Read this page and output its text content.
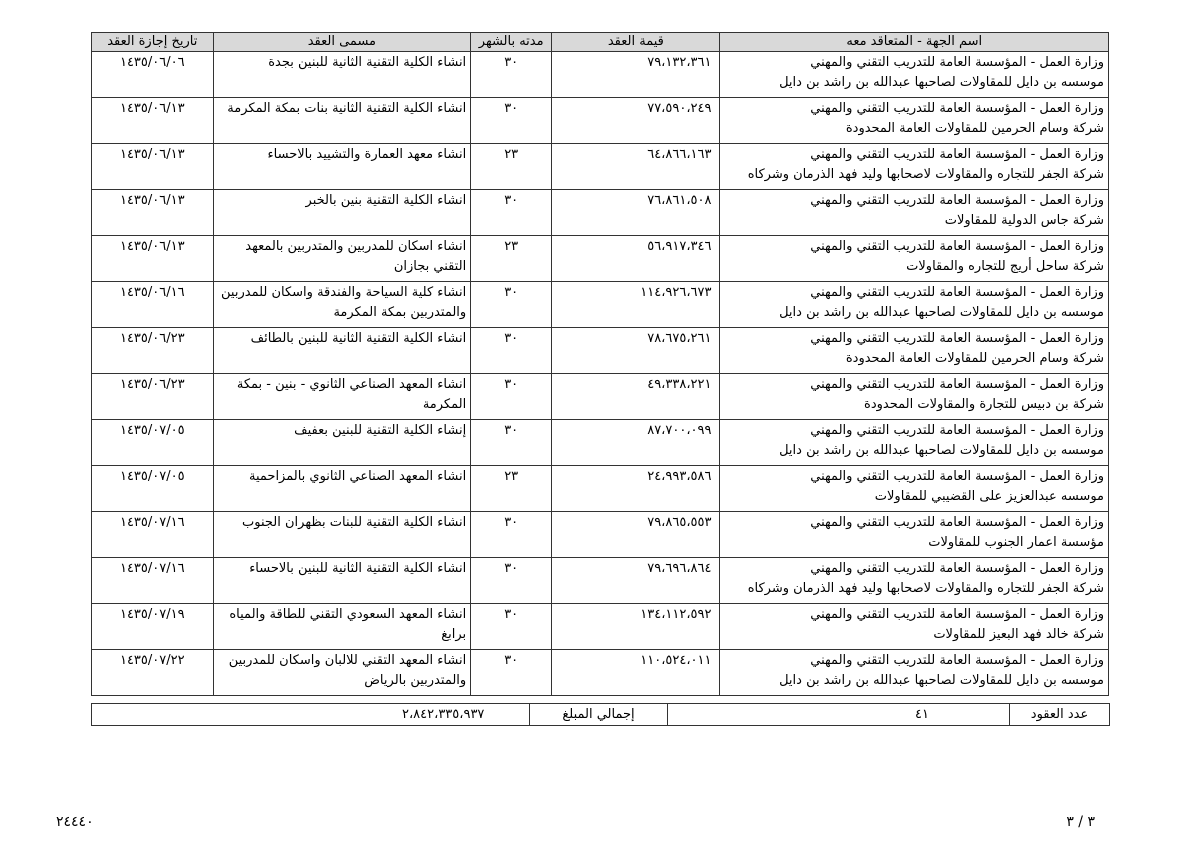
اسم الجهة - المتعاقد معه	قيمة العقد	مدته بالشهر	مسمى العقد	تاريخ إجازة العقد

وزارة العمل - المؤسسة العامة للتدريب التقني والمهني
موسسه بن دايل للمقاولات لصاحبها عبدالله بن راشد بن دايل	٧٩،١٣٢،٣٦١	٣٠	انشاء الكلية التقنية الثانية للبنين بجدة	١٤٣٥/٠٦/٠٦

وزارة العمل - المؤسسة العامة للتدريب التقني والمهني
شركة وسام الحرمين للمقاولات العامة المحدودة	٧٧،٥٩٠،٢٤٩	٣٠	انشاء الكلية التقنية الثانية بنات بمكة المكرمة	١٤٣٥/٠٦/١٣

وزارة العمل - المؤسسة العامة للتدريب التقني والمهني
شركة الجفر للتجاره والمقاولات لاصحابها وليد فهد الذرمان وشركاه	٦٤،٨٦٦،١٦٣	٢٣	انشاء معهد العمارة والتشييد بالاحساء	١٤٣٥/٠٦/١٣

وزارة العمل - المؤسسة العامة للتدريب التقني والمهني
شركة جاس الدولية للمقاولات	٧٦،٨٦١،٥٠٨	٣٠	انشاء الكلية التقنية بنين بالخبر	١٤٣٥/٠٦/١٣

وزارة العمل - المؤسسة العامة للتدريب التقني والمهني
شركة ساحل أريج للتجاره والمقاولات	٥٦،٩١٧،٣٤٦	٢٣	انشاء اسكان للمدربين والمتدربين بالمعهد التقني بجازان	١٤٣٥/٠٦/١٣

وزارة العمل - المؤسسة العامة للتدريب التقني والمهني
موسسه بن دايل للمقاولات لصاحبها عبدالله بن راشد بن دايل	١١٤،٩٢٦،٦٧٣	٣٠	انشاء كلية السياحة والفندقة واسكان للمدربين والمتدربين بمكة المكرمة	١٤٣٥/٠٦/١٦

وزارة العمل - المؤسسة العامة للتدريب التقني والمهني
شركة وسام الحرمين للمقاولات العامة المحدودة	٧٨،٦٧٥،٢٦١	٣٠	انشاء الكلية التقنية الثانية للبنين بالطائف	١٤٣٥/٠٦/٢٣

وزارة العمل - المؤسسة العامة للتدريب التقني والمهني
شركة بن دبيس للتجارة والمقاولات المحدودة	٤٩،٣٣٨،٢٢١	٣٠	انشاء المعهد الصناعي الثانوي - بنين - بمكة المكرمة	١٤٣٥/٠٦/٢٣

وزارة العمل - المؤسسة العامة للتدريب التقني والمهني
موسسه بن دايل للمقاولات لصاحبها عبدالله بن راشد بن دايل	٨٧،٧٠٠،٠٩٩	٣٠	إنشاء الكلية التقنية للبنين بعفيف	١٤٣٥/٠٧/٠٥

وزارة العمل - المؤسسة العامة للتدريب التقني والمهني
موسسه عبدالعزيز على القضيبي للمقاولات	٢٤،٩٩٣،٥٨٦	٢٣	انشاء المعهد الصناعي الثانوي بالمزاحمية	١٤٣٥/٠٧/٠٥

وزارة العمل - المؤسسة العامة للتدريب التقني والمهني
مؤسسة اعمار الجنوب للمقاولات	٧٩،٨٦٥،٥٥٣	٣٠	انشاء الكلية التقنية للبنات بظهران الجنوب	١٤٣٥/٠٧/١٦

وزارة العمل - المؤسسة العامة للتدريب التقني والمهني
شركة الجفر للتجاره والمقاولات لاصحابها وليد فهد الذرمان وشركاه	٧٩،٦٩٦،٨٦٤	٣٠	انشاء الكلية التقنية الثانية للبنين بالاحساء	١٤٣٥/٠٧/١٦

وزارة العمل - المؤسسة العامة للتدريب التقني والمهني
شركة خالد فهد البعيز للمقاولات	١٣٤،١١٢،٥٩٢	٣٠	انشاء المعهد السعودي التقني للطاقة والمياه برابغ	١٤٣٥/٠٧/١٩

وزارة العمل - المؤسسة العامة للتدريب التقني والمهني
موسسه بن دايل للمقاولات لصاحبها عبدالله بن راشد بن دايل	١١٠،٥٢٤،٠١١	٣٠	انشاء المعهد التقني للالبان واسكان للمدربين والمتدربين بالرياض	١٤٣٥/٠٧/٢٢
عدد العقود	٤١	إجمالي المبلغ	٢،٨٤٢،٣٣٥،٩٣٧
٣ / ٣
٢٤٤٤٠
